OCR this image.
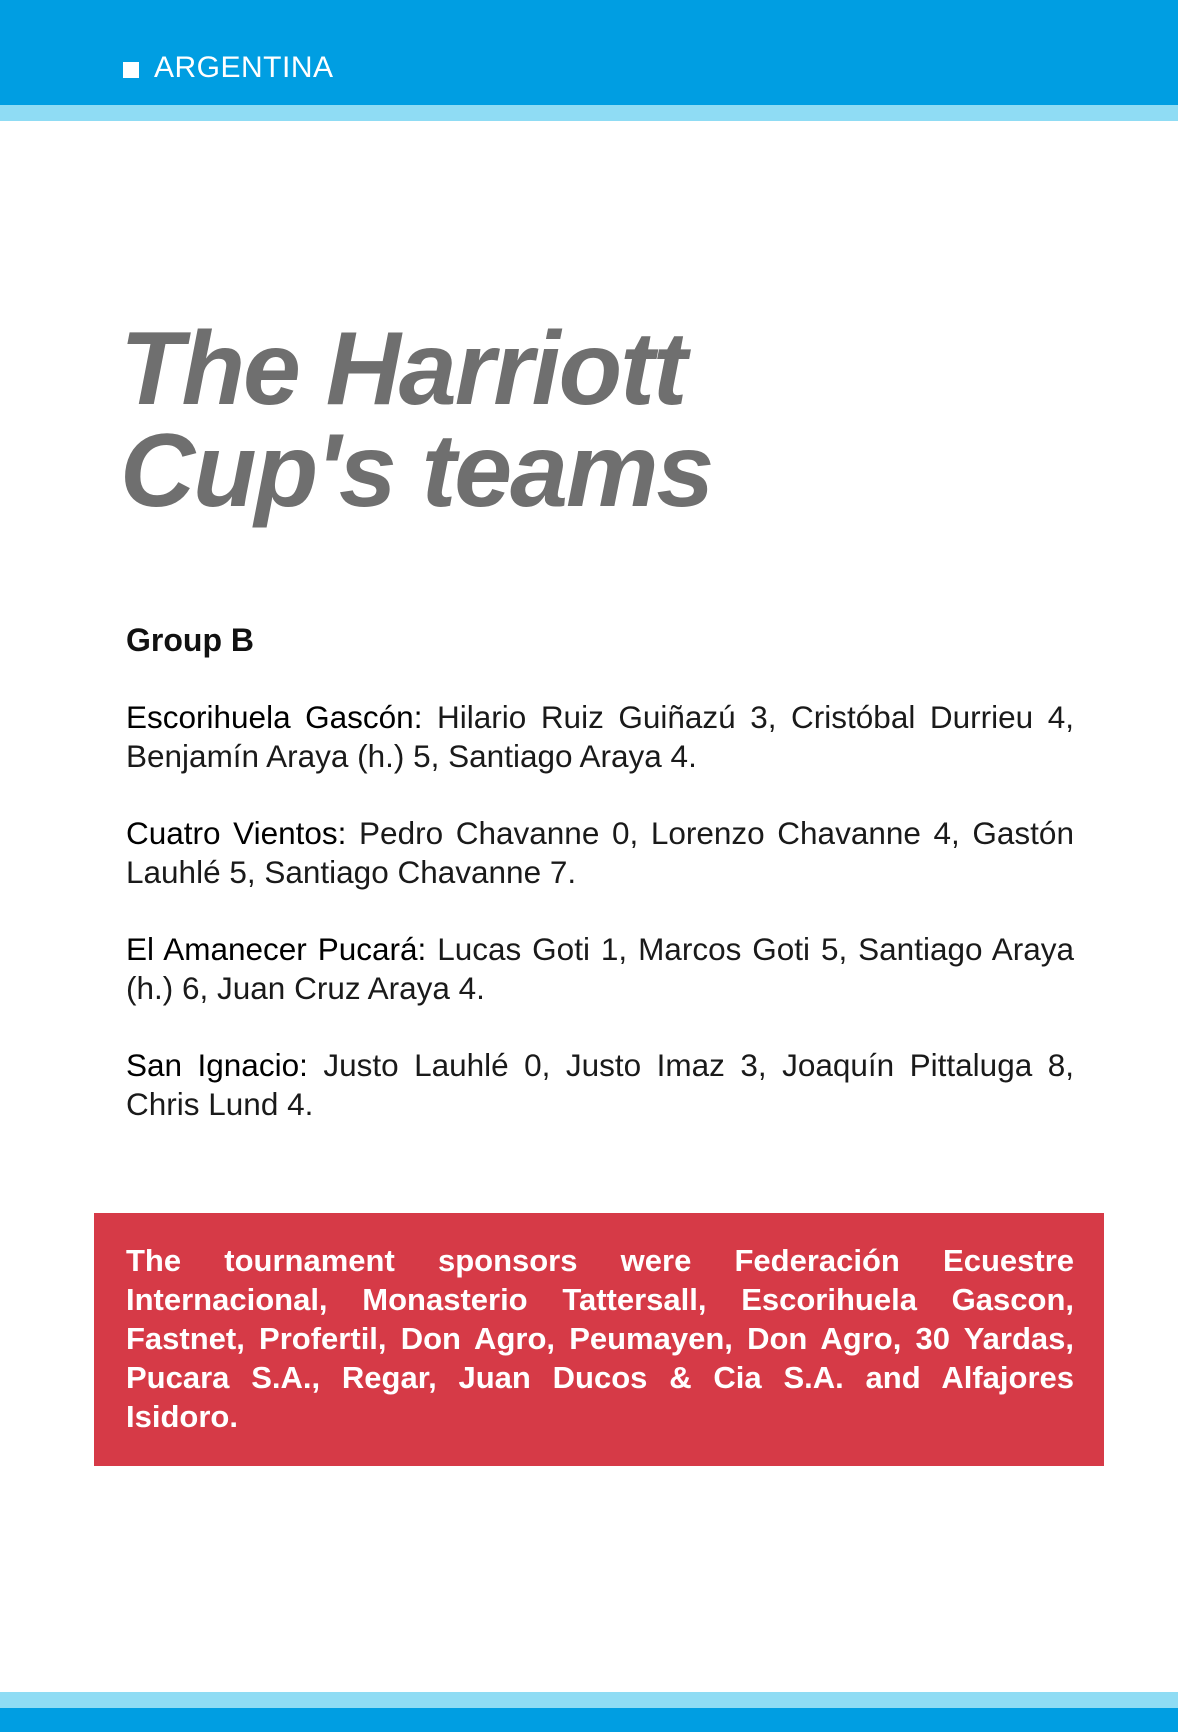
ARGENTINA
The Harriott
Cup's teams

Group B

Escorihuela Gascón: Hilario Ruiz Guiñazú 3, Cristóbal Durrieu 4, Benjamín Araya (h.) 5, Santiago Araya 4.

Cuatro Vientos: Pedro Chavanne 0, Lorenzo Chavanne 4, Gastón Lauhlé 5, Santiago Chavanne 7.

El Amanecer Pucará: Lucas Goti 1, Marcos Goti 5, Santiago Araya (h.) 6, Juan Cruz Araya 4.

San Ignacio: Justo Lauhlé 0, Justo Imaz 3, Joaquín Pittaluga 8, Chris Lund 4.

The tournament sponsors were Federación Ecuestre Internacional, Monasterio Tattersall, Escorihuela Gascon, Fastnet, Profertil, Don Agro, Peumayen, Don Agro, 30 Yardas, Pucara S.A., Regar, Juan Ducos & Cia S.A. and Alfajores Isidoro.
